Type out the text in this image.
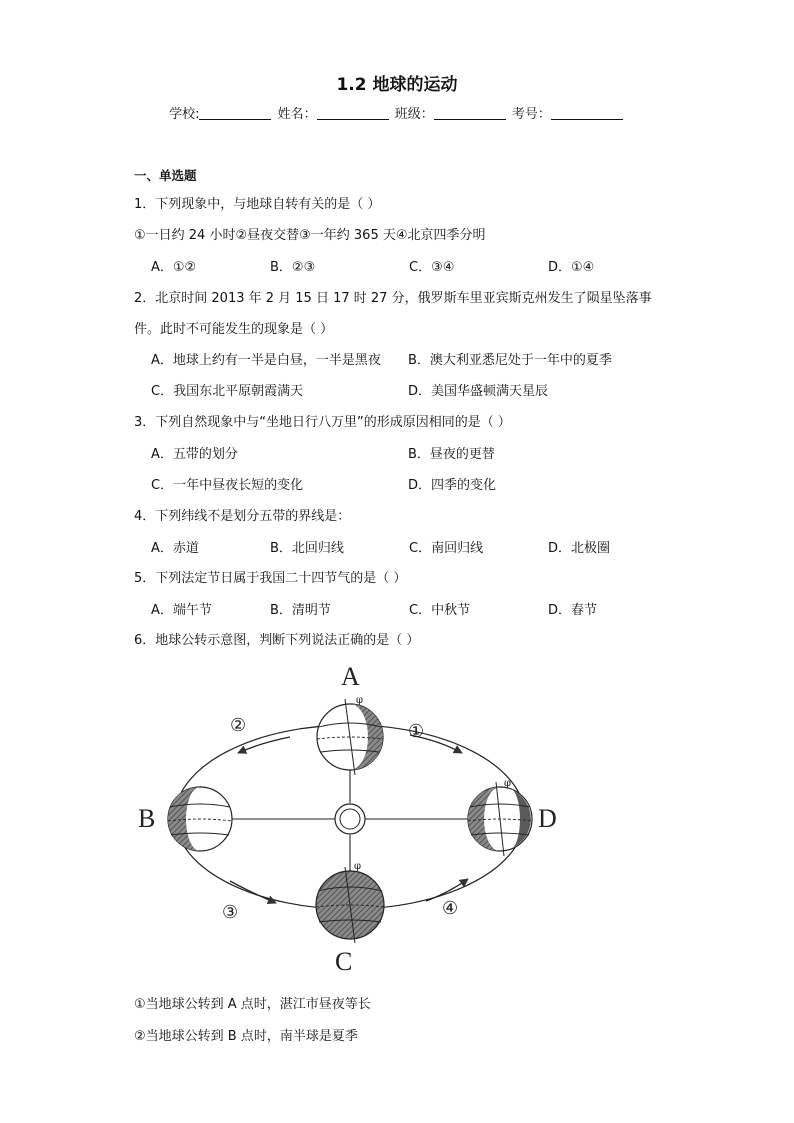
1.2 地球的运动
学校:	姓名：	班级：	考号：
一、单选题
1．下列现象中，与地球自转有关的是（ ）
①一日约 24 小时②昼夜交替③一年约 365 天④北京四季分明
A．①②	B．②③	C．③④	D．①④
2．北京时间 2013 年 2 月 15 日 17 时 27 分，俄罗斯车里亚宾斯克州发生了陨星坠落事
件。此时不可能发生的现象是（ ）
A．地球上约有一半是白昼，一半是黑夜 B．澳大利亚悉尼处于一年中的夏季
C．我国东北平原朝霞满天	D．美国华盛顿满天星辰
3．下列自然现象中与“坐地日行八万里”的形成原因相同的是（ ）
A．五带的划分	B．昼夜的更替
C．一年中昼夜长短的变化	D．四季的变化
4．下列纬线不是划分五带的界线是：
A．赤道	B．北回归线	C．南回归线	D．北极圈
5．下列法定节日属于我国二十四节气的是（ ）
A．端午节	B．清明节	C．中秋节	D．春节
6．地球公转示意图，判断下列说法正确的是（ ）
φ
φ
φ
A
B	D
C
②	①
③	④
①当地球公转到 A 点时，湛江市昼夜等长
②当地球公转到 B 点时，南半球是夏季
